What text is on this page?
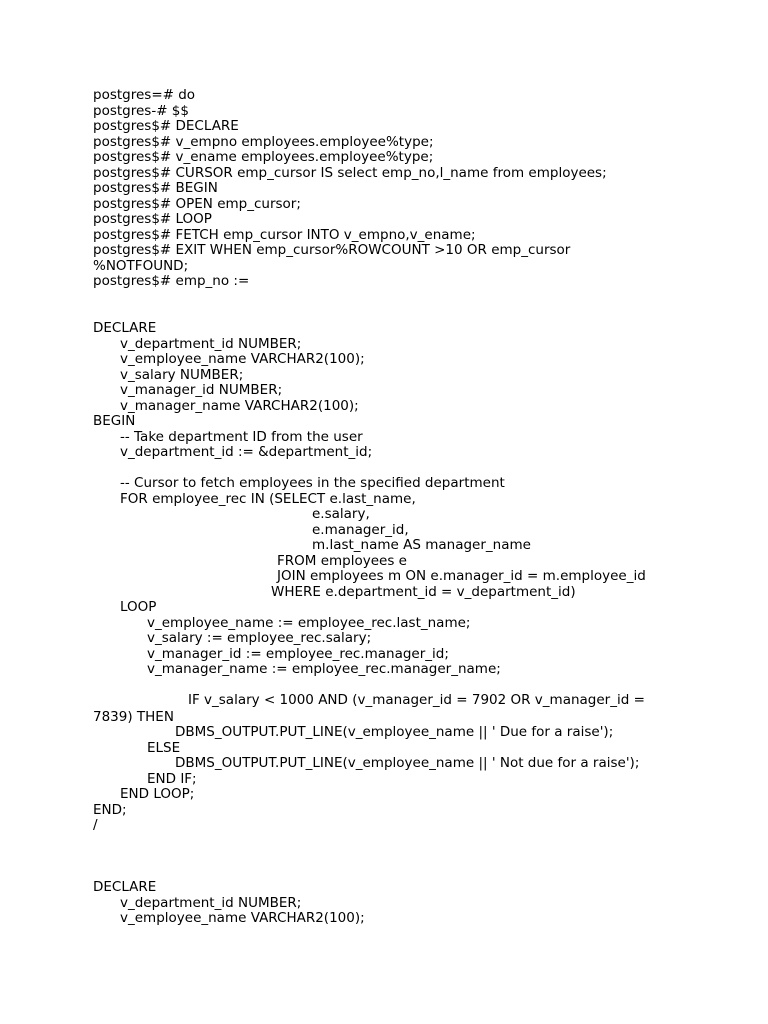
postgres=# do
postgres-# $$
postgres$# DECLARE
postgres$# v_empno employees.employee%type;
postgres$# v_ename employees.employee%type;
postgres$# CURSOR emp_cursor IS select emp_no,l_name from employees;
postgres$# BEGIN
postgres$# OPEN emp_cursor;
postgres$# LOOP
postgres$# FETCH emp_cursor INTO v_empno,v_ename;
postgres$# EXIT WHEN emp_cursor%ROWCOUNT >10 OR emp_cursor
%NOTFOUND;
postgres$# emp_no :=
DECLARE
v_department_id NUMBER;
v_employee_name VARCHAR2(100);
v_salary NUMBER;
v_manager_id NUMBER;
v_manager_name VARCHAR2(100);
BEGIN
-- Take department ID from the user
v_department_id := &department_id;
-- Cursor to fetch employees in the specified department
FOR employee_rec IN (SELECT e.last_name,
e.salary,
e.manager_id,
m.last_name AS manager_name
FROM employees e
JOIN employees m ON e.manager_id = m.employee_id
WHERE e.department_id = v_department_id)
LOOP
v_employee_name := employee_rec.last_name;
v_salary := employee_rec.salary;
v_manager_id := employee_rec.manager_id;
v_manager_name := employee_rec.manager_name;
IF v_salary < 1000 AND (v_manager_id = 7902 OR v_manager_id =
7839) THEN
DBMS_OUTPUT.PUT_LINE(v_employee_name || ' Due for a raise');
ELSE
DBMS_OUTPUT.PUT_LINE(v_employee_name || ' Not due for a raise');
END IF;
END LOOP;
END;
/
DECLARE
v_department_id NUMBER;
v_employee_name VARCHAR2(100);
